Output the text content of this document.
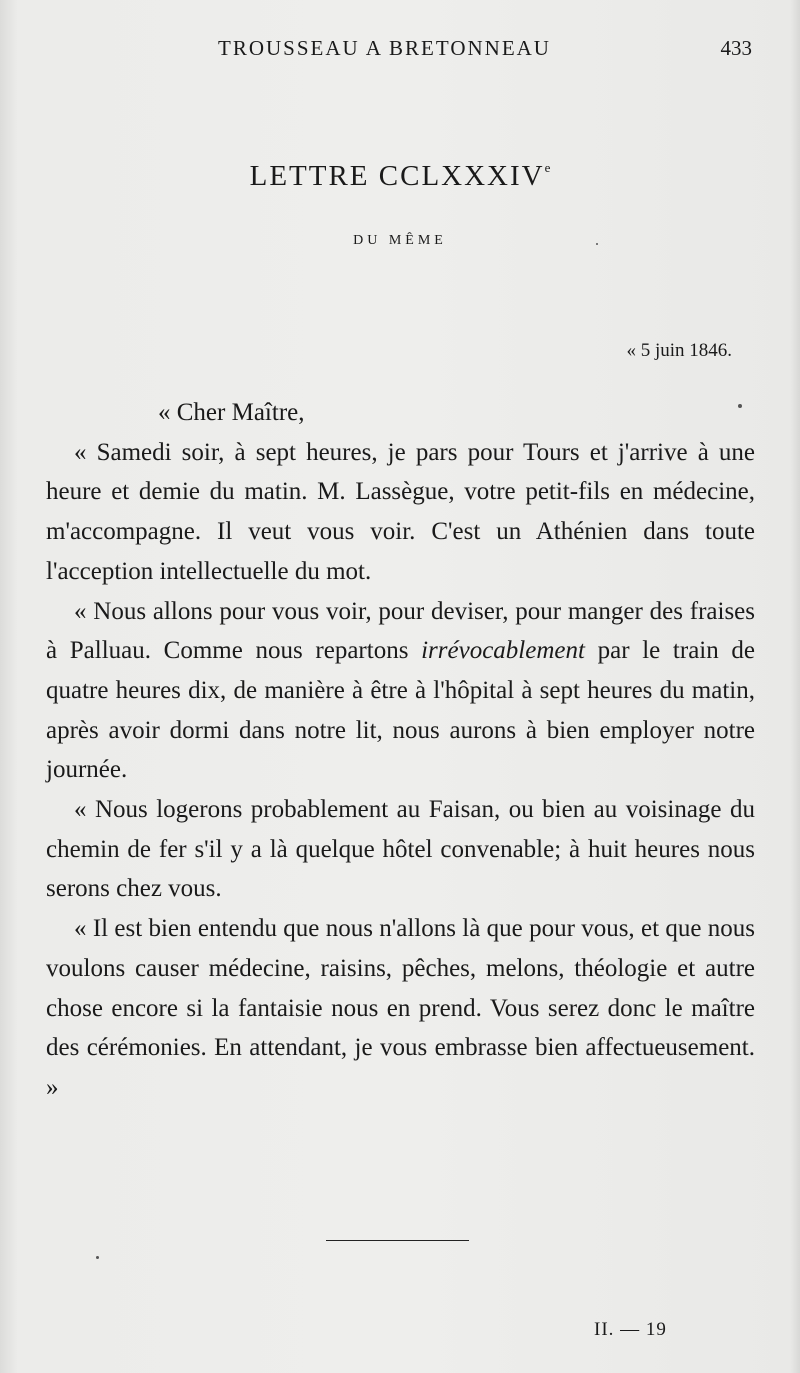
TROUSSEAU A BRETONNEAU	433
LETTRE CCLXXXIVe
DU MÊME
« 5 juin 1846.

« Cher Maître,

« Samedi soir, à sept heures, je pars pour Tours et j'arrive à une heure et demie du matin. M. Lassègue, votre petit-fils en médecine, m'accompagne. Il veut vous voir. C'est un Athénien dans toute l'acception intellectuelle du mot.

« Nous allons pour vous voir, pour deviser, pour manger des fraises à Palluau. Comme nous repartons irrévocablement par le train de quatre heures dix, de manière à être à l'hôpital à sept heures du matin, après avoir dormi dans notre lit, nous aurons à bien employer notre journée.

« Nous logerons probablement au Faisan, ou bien au voisinage du chemin de fer s'il y a là quelque hôtel convenable; à huit heures nous serons chez vous.

« Il est bien entendu que nous n'allons là que pour vous, et que nous voulons causer médecine, raisins, pêches, melons, théologie et autre chose encore si la fantaisie nous en prend. Vous serez donc le maître des cérémonies. En attendant, je vous embrasse bien affectueusement. »

II. — 19
